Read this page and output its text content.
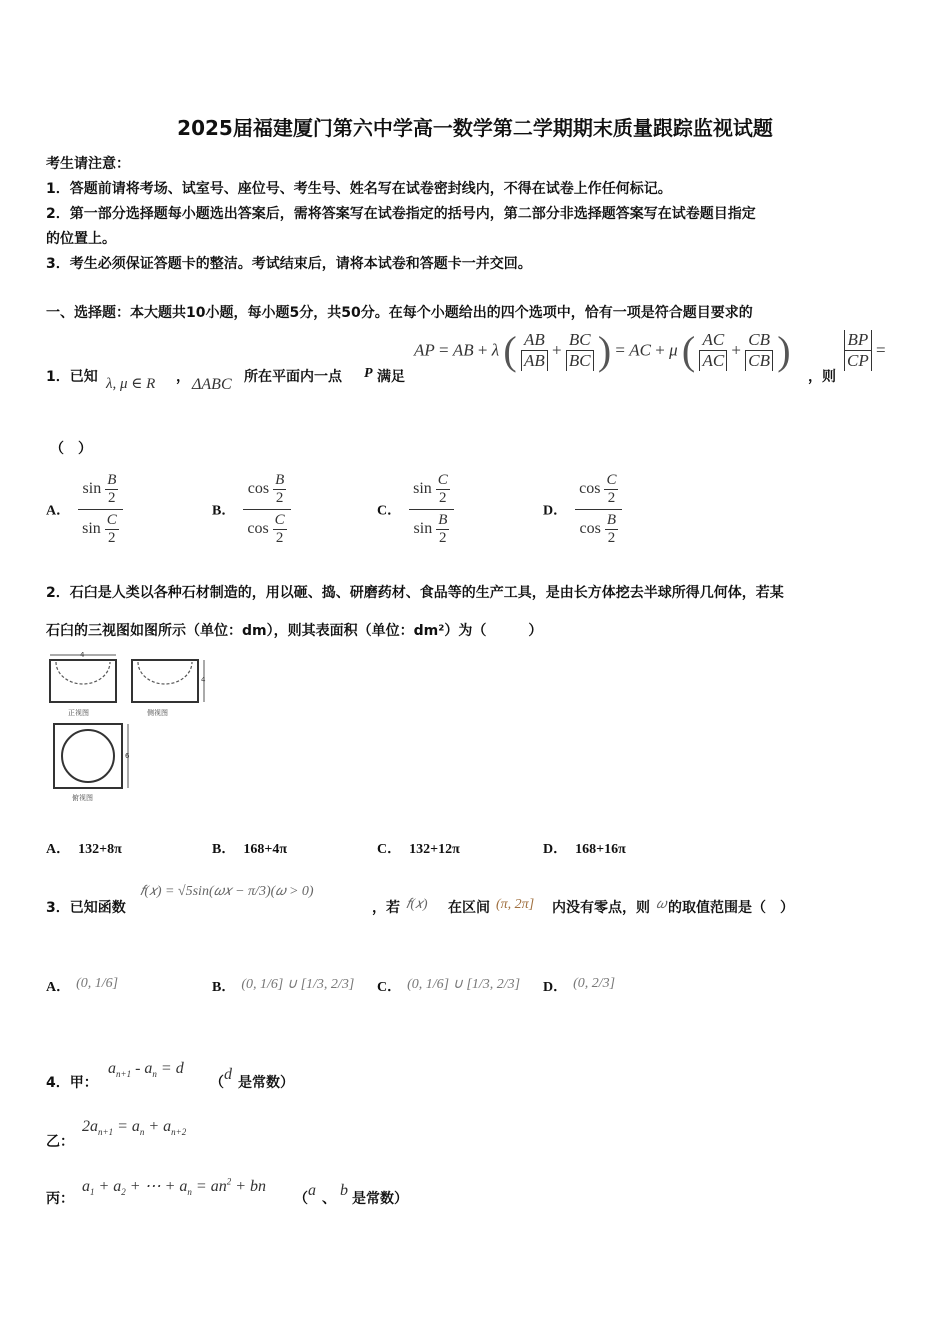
2025届福建厦门第六中学高一数学第二学期期末质量跟踪监视试题
考生请注意：
1．答题前请将考场、试室号、座位号、考生号、姓名写在试卷密封线内，不得在试卷上作任何标记。
2．第一部分选择题每小题选出答案后，需将答案写在试卷指定的括号内，第二部分非选择题答案写在试卷题目指定
的位置上。
3．考生必须保证答题卡的整洁。考试结束后，请将本试卷和答题卡一并交回。
一、选择题：本大题共10小题，每小题5分，共50分。在每个小题给出的四个选项中，恰有一项是符合题目要求的
1．已知 λ, μ ∈ R ， ΔABC 所在平面内一点 P 满足
AP = AB + λ ( $\frac{AB}{AB} + \frac{BC}{BC}$ ) = AC + μ ( $\frac{AC}{AC} + \frac{CB}{CB}$ )
，则
$\frac{BP}{CP}$ =
（　）
A． $\frac{\sin \frac{B}{2}}{\sin \frac{C}{2}}$	B． $\frac{\cos \frac{B}{2}}{\cos \frac{C}{2}}$	C． $\frac{\sin \frac{C}{2}}{\sin \frac{B}{2}}$	D． $\frac{\cos \frac{C}{2}}{\cos \frac{B}{2}}$
2．石臼是人类以各种石材制造的，用以砸、捣、研磨药材、食品等的生产工具，是由长方体挖去半球所得几何体，若某
石臼的三视图如图所示（单位：dm），则其表面积（单位：dm²）为（　　　）
4
正视图
4
侧视图
6
俯视图
A． 132+8π	B． 168+4π	C． 132+12π	D． 168+16π
3．已知函数
𝑓(𝑥) = √5sin(𝜔𝑥 − π/3)(𝜔 > 0)
，若 𝑓(𝑥) 在区间 (π, 2π] 内没有零点，则 𝜔 的取值范围是（　）
A． (0, 1/6]	B． (0, 1/6] ∪ [1/3, 2/3] C． (0, 1/6] ∪ [1/3, 2/3] D． (0, 2/3]
4．甲：
$a_{n+1} - a_n = d$
（ d 是常数）
乙：
$2a_{n+1} = a_n + a_{n+2}$
丙：
$a_1 + a_2$ + ⋯ + $a_n = an^2$ + bn
（ a 、 b 是常数）
